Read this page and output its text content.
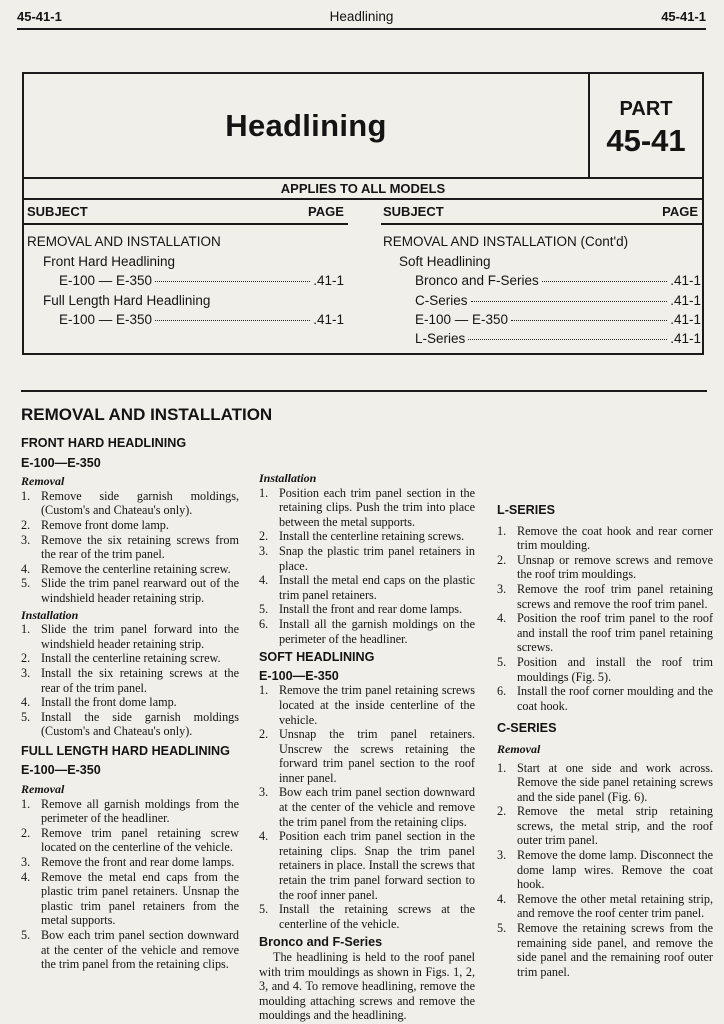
45-41-1	Headlining	45-41-1
Headlining	PART
45-41
APPLIES TO ALL MODELS
SUBJECT	PAGE	SUBJECT	PAGE
REMOVAL AND INSTALLATION
Front Hard Headlining
E-100 — E-350	.41-1
Full Length Hard Headlining
E-100 — E-350	.41-1
REMOVAL AND INSTALLATION (Cont'd)
Soft Headlining
Bronco and F-Series	.41-1
C-Series	.41-1
E-100 — E-350	.41-1
L-Series	.41-1
REMOVAL AND INSTALLATION

FRONT HARD HEADLINING

E-100—E-350

Removal

1. Remove side garnish moldings, (Custom's and Chateau's only).
2. Remove front dome lamp.
3. Remove the six retaining screws from the rear of the trim panel.
4. Remove the centerline retaining screw.
5. Slide the trim panel rearward out of the windshield header retaining strip.

Installation

1. Slide the trim panel forward into the windshield header retaining strip.
2. Install the centerline retaining screw.
3. Install the six retaining screws at the rear of the trim panel.
4. Install the front dome lamp.
5. Install the side garnish moldings (Custom's and Chateau's only).

FULL LENGTH HARD HEADLINING

E-100—E-350

Removal

1. Remove all garnish moldings from the perimeter of the headliner.
2. Remove trim panel retaining screw located on the centerline of the vehicle.
3. Remove the front and rear dome lamps.
4. Remove the metal end caps from the plastic trim panel retainers. Unsnap the plastic trim panel retainers from the metal supports.
5. Bow each trim panel section downward at the center of the vehicle and remove the trim panel from the retaining clips.

Installation

1. Position each trim panel section in the retaining clips. Push the trim into place between the metal supports.
2. Install the centerline retaining screws.
3. Snap the plastic trim panel retainers in place.
4. Install the metal end caps on the plastic trim panel retainers.
5. Install the front and rear dome lamps.
6. Install all the garnish moldings on the perimeter of the headliner.

SOFT HEADLINING

E-100—E-350

1. Remove the trim panel retaining screws located at the inside centerline of the vehicle.
2. Unsnap the trim panel retainers. Unscrew the screws retaining the forward trim panel section to the roof inner panel.
3. Bow each trim panel section downward at the center of the vehicle and remove the trim panel from the retaining clips.
4. Position each trim panel section in the retaining clips. Snap the trim panel retainers in place. Install the screws that retain the trim panel forward section to the roof inner panel.
5. Install the retaining screws at the centerline of the vehicle.

Bronco and F-Series

The headlining is held to the roof panel with trim mouldings as shown in Figs. 1, 2, 3, and 4. To remove headlining, remove the moulding attaching screws and remove the mouldings and the headlining.

L-SERIES

1. Remove the coat hook and rear corner trim moulding.
2. Unsnap or remove screws and remove the roof trim mouldings.
3. Remove the roof trim panel retaining screws and remove the roof trim panel.
4. Position the roof trim panel to the roof and install the roof trim panel retaining screws.
5. Position and install the roof trim mouldings (Fig. 5).
6. Install the roof corner moulding and the coat hook.

C-SERIES

Removal

1. Start at one side and work across. Remove the side panel retaining screws and the side panel (Fig. 6).
2. Remove the metal strip retaining screws, the metal strip, and the roof outer trim panel.
3. Remove the dome lamp. Disconnect the dome lamp wires. Remove the coat hook.
4. Remove the other metal retaining strip, and remove the roof center trim panel.
5. Remove the retaining screws from the remaining side panel, and remove the side panel and the remaining roof outer trim panel.
